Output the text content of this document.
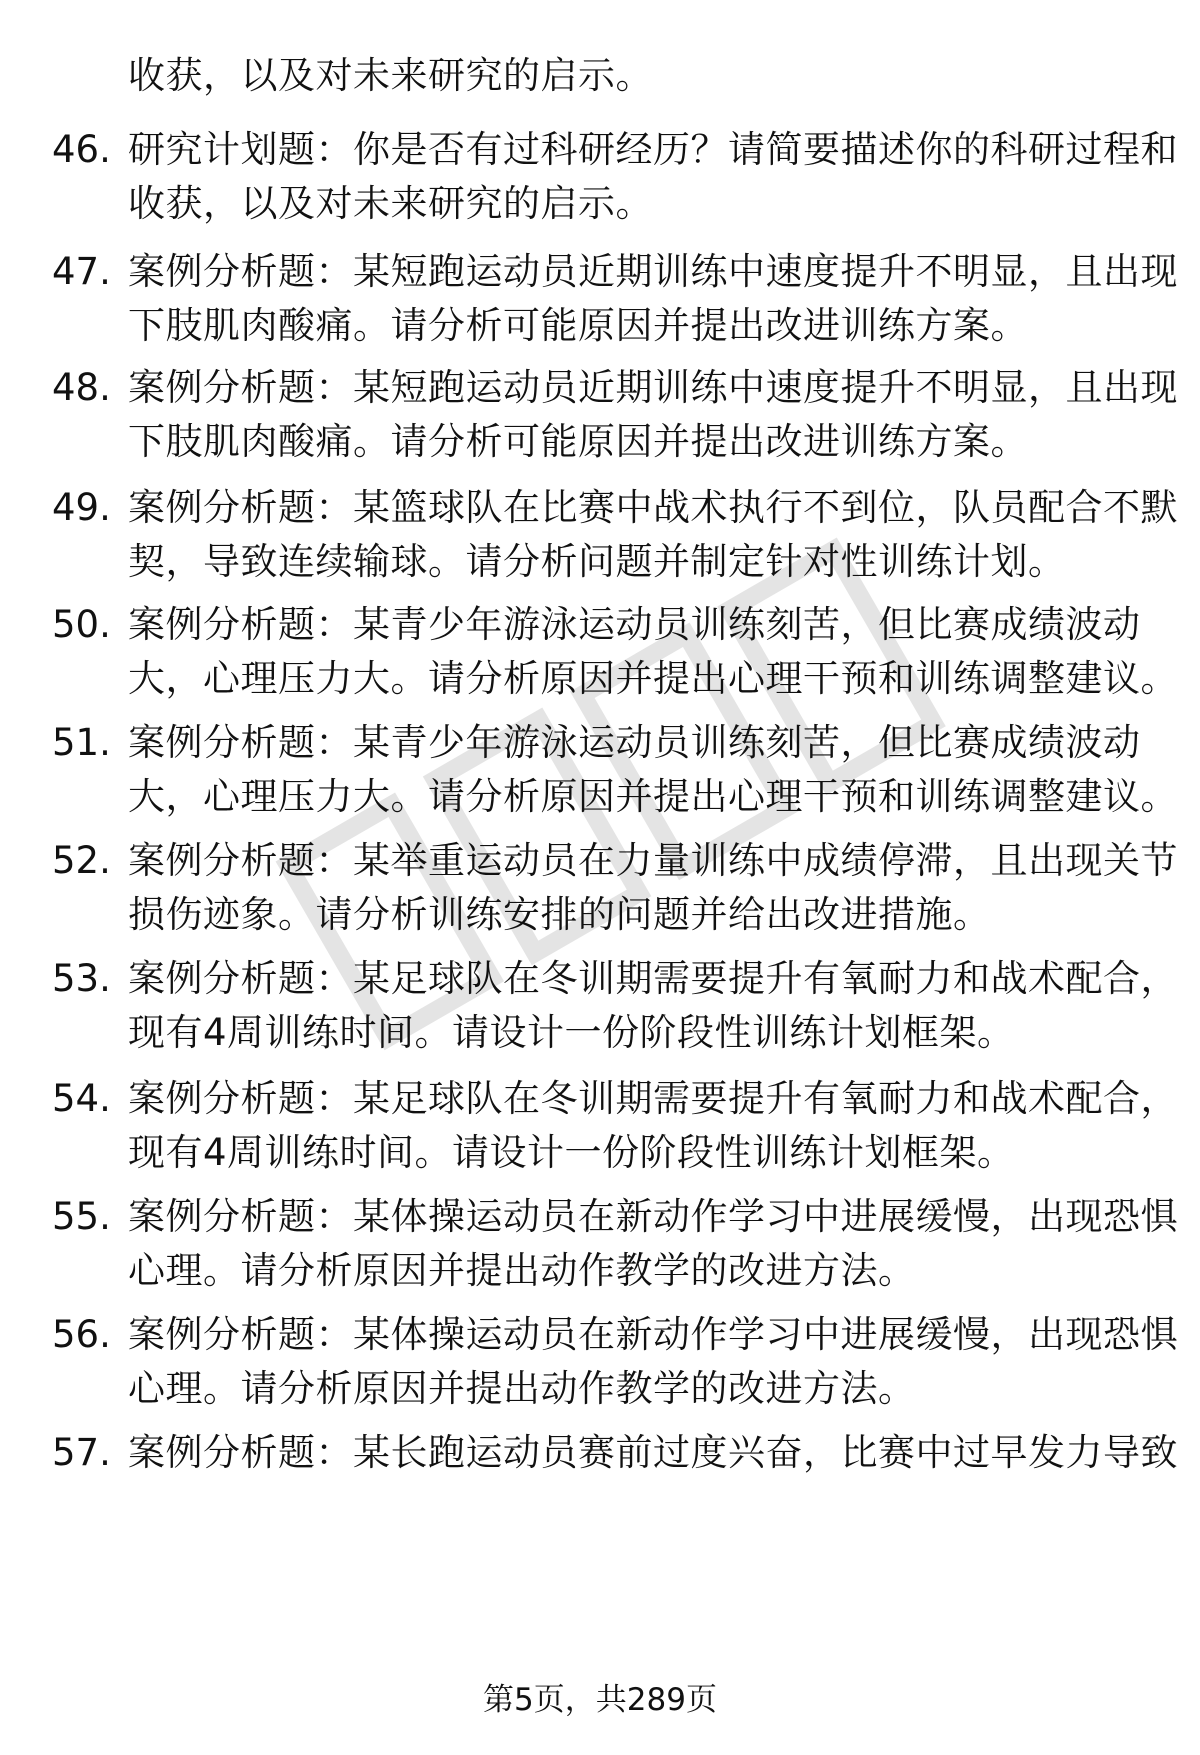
46.
47.
48.
49.
50.
51.
52.
53.
54.
55.
56.
57.
收获，以及对未来研究的启示。
研究计划题：你是否有过科研经历？请简要描述你的科研过程和
收获，以及对未来研究的启示。
案例分析题：某短跑运动员近期训练中速度提升不明显，且出现
下肢肌肉酸痛。请分析可能原因并提出改进训练方案。
案例分析题：某短跑运动员近期训练中速度提升不明显，且出现
下肢肌肉酸痛。请分析可能原因并提出改进训练方案。
案例分析题：某篮球队在比赛中战术执行不到位，队员配合不默
契，导致连续输球。请分析问题并制定针对性训练计划。
案例分析题：某青少年游泳运动员训练刻苦，但比赛成绩波动
大，心理压力大。请分析原因并提出心理干预和训练调整建议。
案例分析题：某青少年游泳运动员训练刻苦，但比赛成绩波动
大，心理压力大。请分析原因并提出心理干预和训练调整建议。
案例分析题：某举重运动员在力量训练中成绩停滞，且出现关节
损伤迹象。请分析训练安排的问题并给出改进措施。
案例分析题：某足球队在冬训期需要提升有氧耐力和战术配合，
现有4周训练时间。请设计一份阶段性训练计划框架。
案例分析题：某足球队在冬训期需要提升有氧耐力和战术配合，
现有4周训练时间。请设计一份阶段性训练计划框架。
案例分析题：某体操运动员在新动作学习中进展缓慢，出现恐惧
心理。请分析原因并提出动作教学的改进方法。
案例分析题：某体操运动员在新动作学习中进展缓慢，出现恐惧
心理。请分析原因并提出动作教学的改进方法。
案例分析题：某长跑运动员赛前过度兴奋，比赛中过早发力导致
第5页，共289页
